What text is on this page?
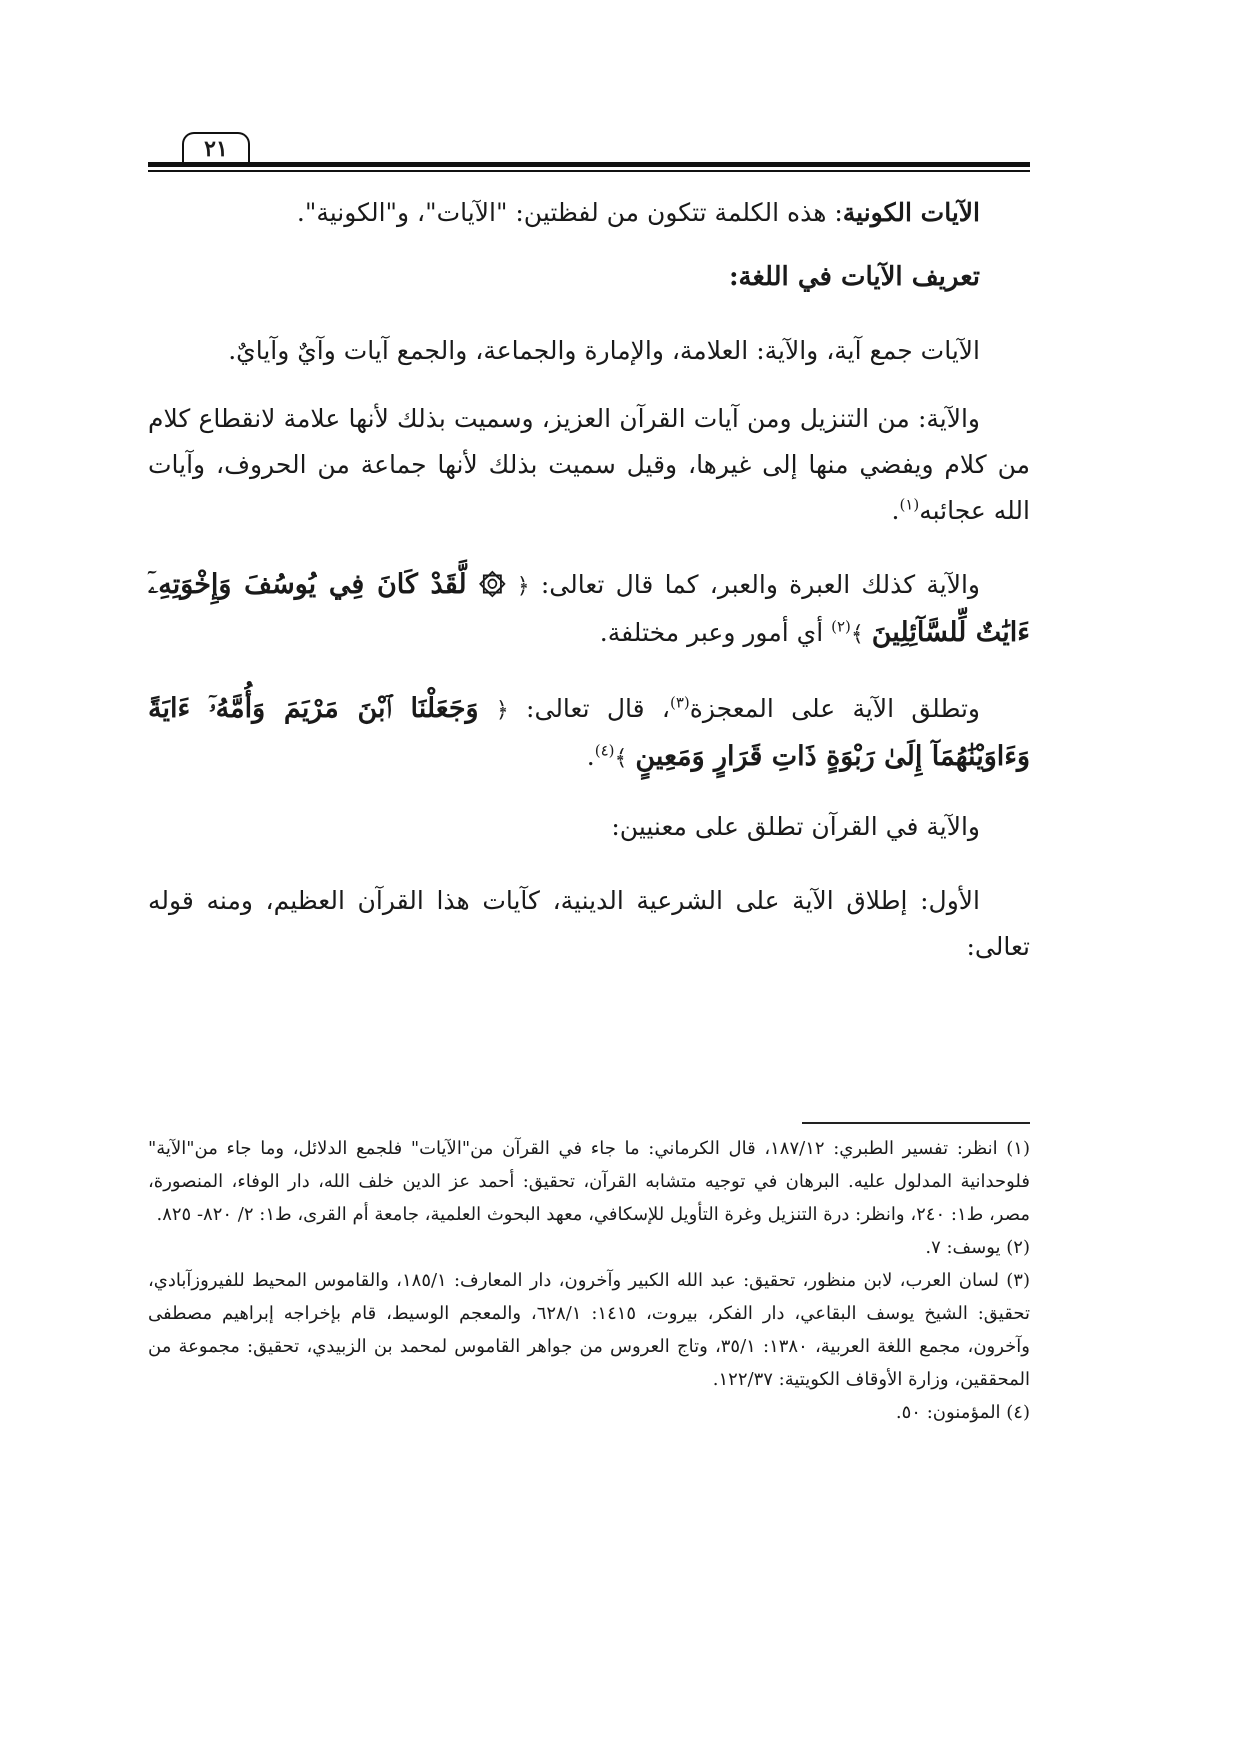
٢١

الآيات الكونية: هذه الكلمة تتكون من لفظتين: "الآيات"، و"الكونية".

تعريف الآيات في اللغة:

الآيات جمع آية، والآية: العلامة، والإمارة والجماعة، والجمع آيات وآيٌ وآيايٌ.

والآية: من التنزيل ومن آيات القرآن العزيز، وسميت بذلك لأنها علامة لانقطاع كلام من كلام ويفضي منها إلى غيرها، وقيل سميت بذلك لأنها جماعة من الحروف، وآيات الله عجائبه$^{(١)}$.

والآية كذلك العبرة والعبر، كما قال تعالى: ﴿ ۞ لَّقَدْ كَانَ فِي يُوسُفَ وَإِخْوَتِهِۦٓ ءَايَٰتٌ لِّلسَّآئِلِينَ ﴾$^{(٢)}$ أي أمور وعبر مختلفة.

وتطلق الآية على المعجزة$^{(٣)}$، قال تعالى: ﴿ وَجَعَلْنَا ٱبْنَ مَرْيَمَ وَأُمَّهُۥٓ ءَايَةً وَءَاوَيْنَٰهُمَآ إِلَىٰ رَبْوَةٍ ذَاتِ قَرَارٍ وَمَعِينٍ ﴾$^{(٤)}$.

والآية في القرآن تطلق على معنيين:

الأول: إطلاق الآية على الشرعية الدينية، كآيات هذا القرآن العظيم، ومنه قوله تعالى:

(١) انظر: تفسير الطبري: ١٨٧/١٢، قال الكرماني: ما جاء في القرآن من"الآيات" فلجمع الدلائل، وما جاء من"الآية" فلوحدانية المدلول عليه. البرهان في توجيه متشابه القرآن، تحقيق: أحمد عز الدين خلف الله، دار الوفاء، المنصورة، مصر، ط١: ٢٤٠، وانظر: درة التنزيل وغرة التأويل للإسكافي، معهد البحوث العلمية، جامعة أم القرى، ط١: ٢/ ٨٢٠- ٨٢٥.

(٢) يوسف: ٧.

(٣) لسان العرب، لابن منظور، تحقيق: عبد الله الكبير وآخرون، دار المعارف: ١٨٥/١، والقاموس المحيط للفيروزآبادي، تحقيق: الشيخ يوسف البقاعي، دار الفكر، بيروت، ١٤١٥: ٦٢٨/١، والمعجم الوسيط، قام بإخراجه إبراهيم مصطفى وآخرون، مجمع اللغة العربية، ١٣٨٠: ٣٥/١، وتاج العروس من جواهر القاموس لمحمد بن الزبيدي، تحقيق: مجموعة من المحققين، وزارة الأوقاف الكويتية: ١٢٢/٣٧.

(٤) المؤمنون: ٥٠.
